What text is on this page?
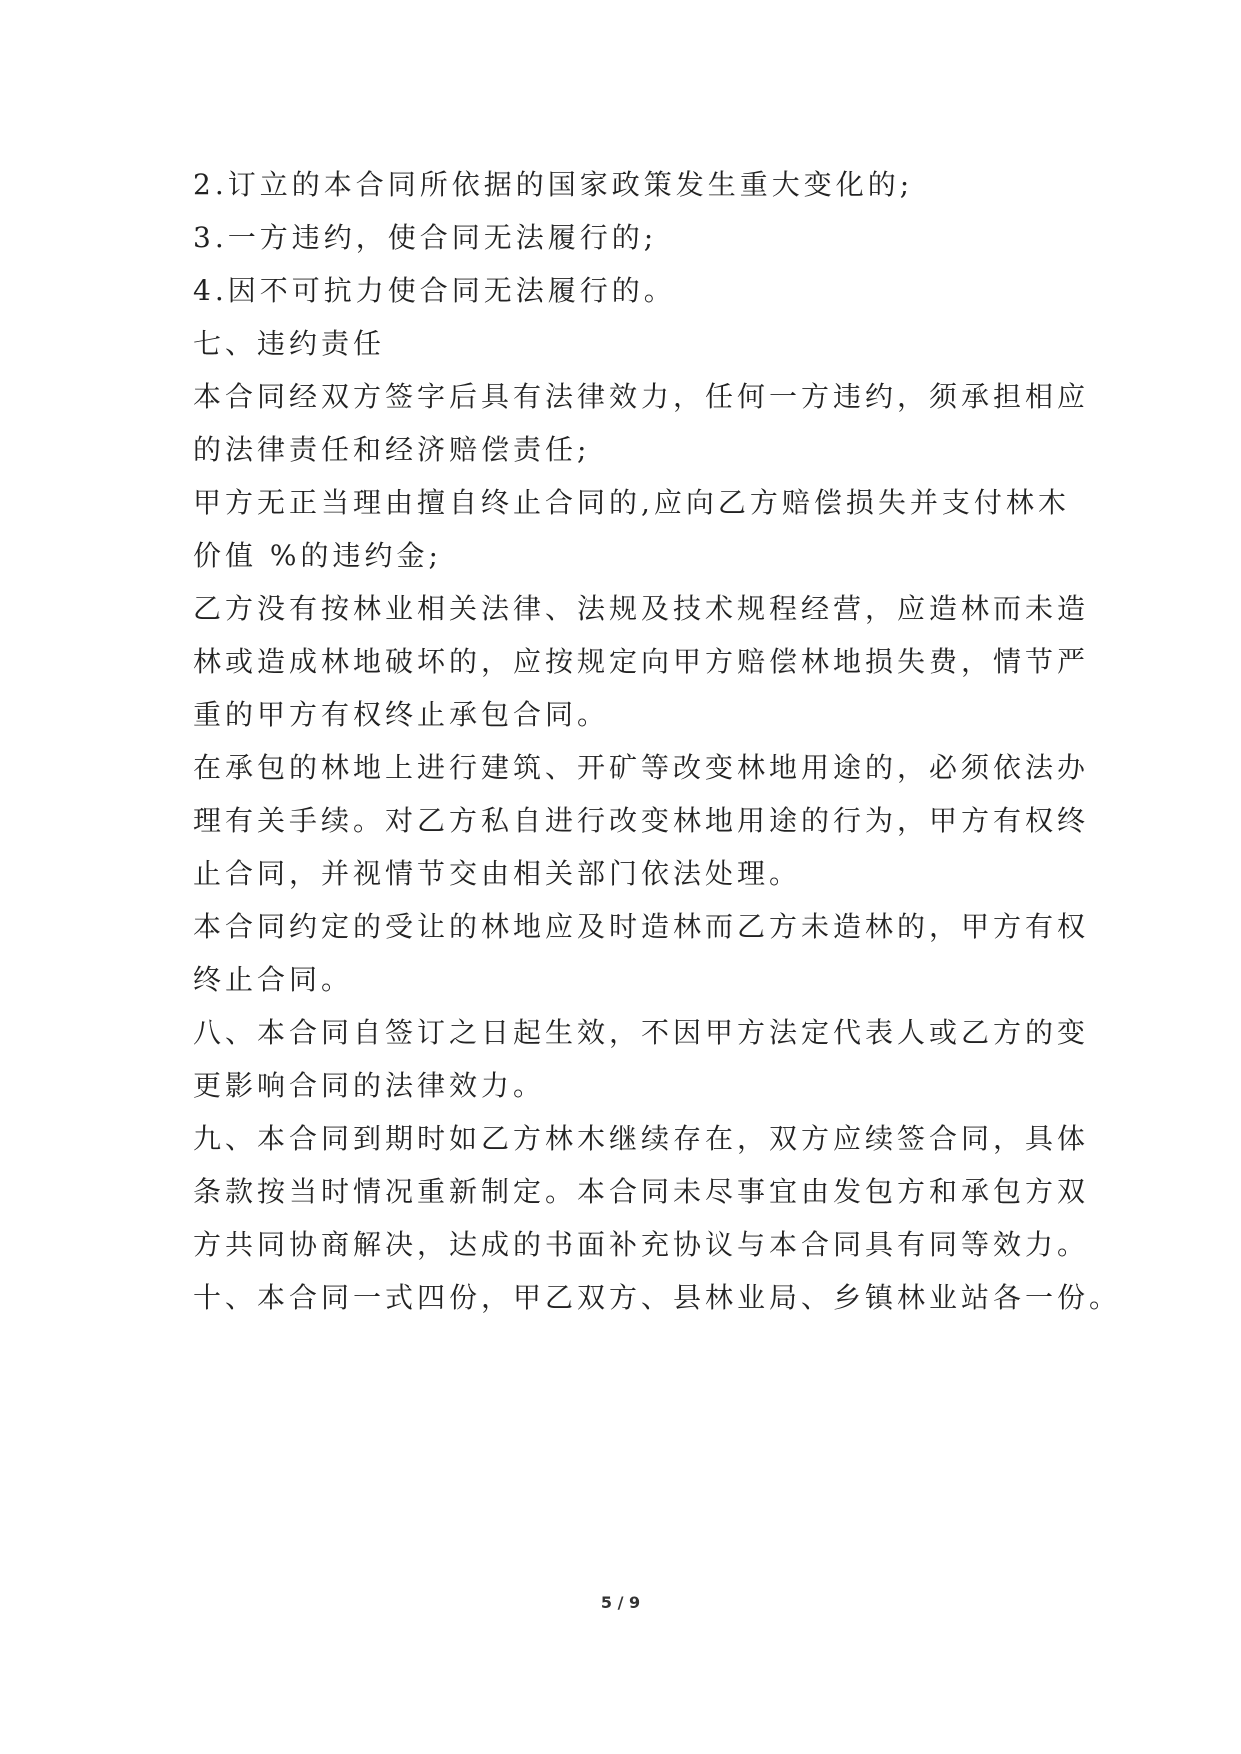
2.订立的本合同所依据的国家政策发生重大变化的;
3.一方违约，使合同无法履行的;
4.因不可抗力使合同无法履行的。
七、违约责任
本合同经双方签字后具有法律效力，任何一方违约，须承担相应
的法律责任和经济赔偿责任;
甲方无正当理由擅自终止合同的,应向乙方赔偿损失并支付林木
价值 %的违约金;
乙方没有按林业相关法律、法规及技术规程经营，应造林而未造
林或造成林地破坏的，应按规定向甲方赔偿林地损失费，情节严
重的甲方有权终止承包合同。
在承包的林地上进行建筑、开矿等改变林地用途的，必须依法办
理有关手续。对乙方私自进行改变林地用途的行为，甲方有权终
止合同，并视情节交由相关部门依法处理。
本合同约定的受让的林地应及时造林而乙方未造林的，甲方有权
终止合同。
八、本合同自签订之日起生效，不因甲方法定代表人或乙方的变
更影响合同的法律效力。
九、本合同到期时如乙方林木继续存在，双方应续签合同，具体
条款按当时情况重新制定。本合同未尽事宜由发包方和承包方双
方共同协商解决，达成的书面补充协议与本合同具有同等效力。
十、本合同一式四份，甲乙双方、县林业局、乡镇林业站各一份。
5 / 9
